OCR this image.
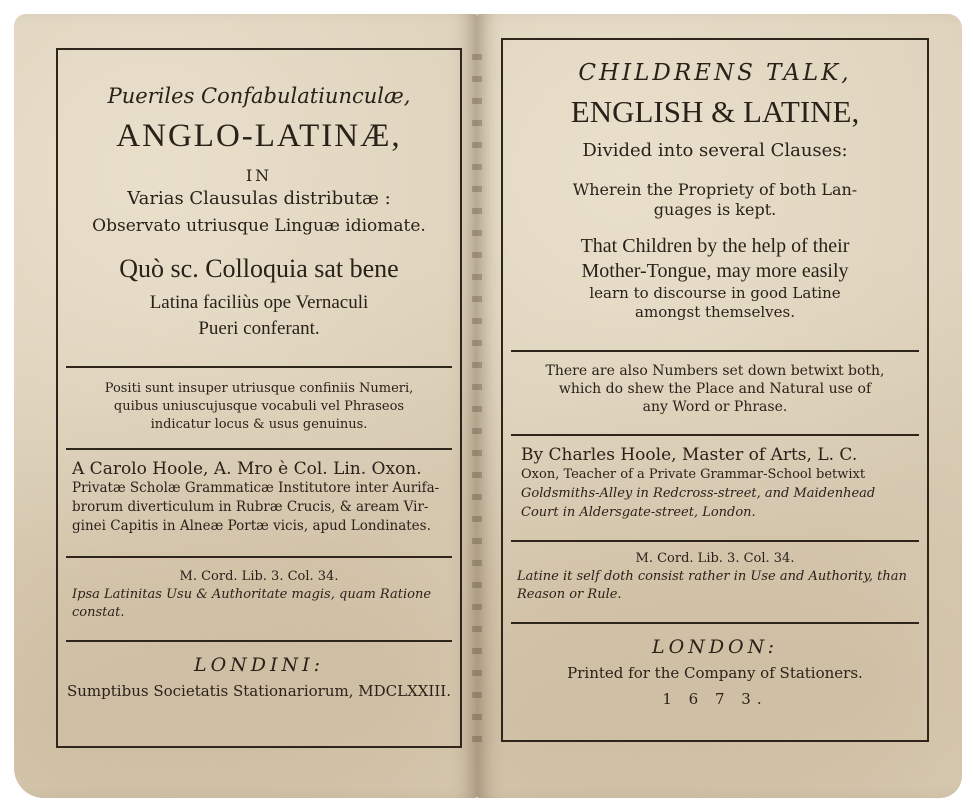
Pueriles Confabulatiunculæ,
ANGLO-LATINÆ,
IN
Varias Clausulas distributæ :
Observato utriusque Linguæ idiomate.
Quò sc. Colloquia sat bene
Latina faciliùs ope Vernaculi
Pueri conferant.
Positi sunt insuper utriusque confiniis Numeri,
quibus uniuscujusque vocabuli vel Phraseos
indicatur locus & usus genuinus.
A Carolo Hoole, A. Mro è Col. Lin. Oxon.
Privatæ Scholæ Grammaticæ Institutore inter Aurifa-
brorum diverticulum in Rubræ Crucis, & aream Vir-
ginei Capitis in Alneæ Portæ vicis, apud Londinates.
M. Cord. Lib. 3. Col. 34.
Ipsa Latinitas Usu & Authoritate magis, quam Ratione
constat.
LONDINI:
Sumptibus Societatis Stationariorum, MDCLXXIII.
CHILDRENS TALK,
ENGLISH & LATINE,
Divided into several Clauses:
Wherein the Propriety of both Lan-
guages is kept.
That Children by the help of their
Mother-Tongue, may more easily
learn to discourse in good Latine
amongst themselves.
There are also Numbers set down betwixt both,
which do shew the Place and Natural use of
any Word or Phrase.
By Charles Hoole, Master of Arts, L. C.
Oxon, Teacher of a Private Grammar-School betwixt
Goldsmiths-Alley in Redcross-street, and Maidenhead
Court in Aldersgate-street, London.
M. Cord. Lib. 3. Col. 34.
Latine it self doth consist rather in Use and Authority, than
Reason or Rule.
LONDON:
Printed for the Company of Stationers.
1 6 7 3.
